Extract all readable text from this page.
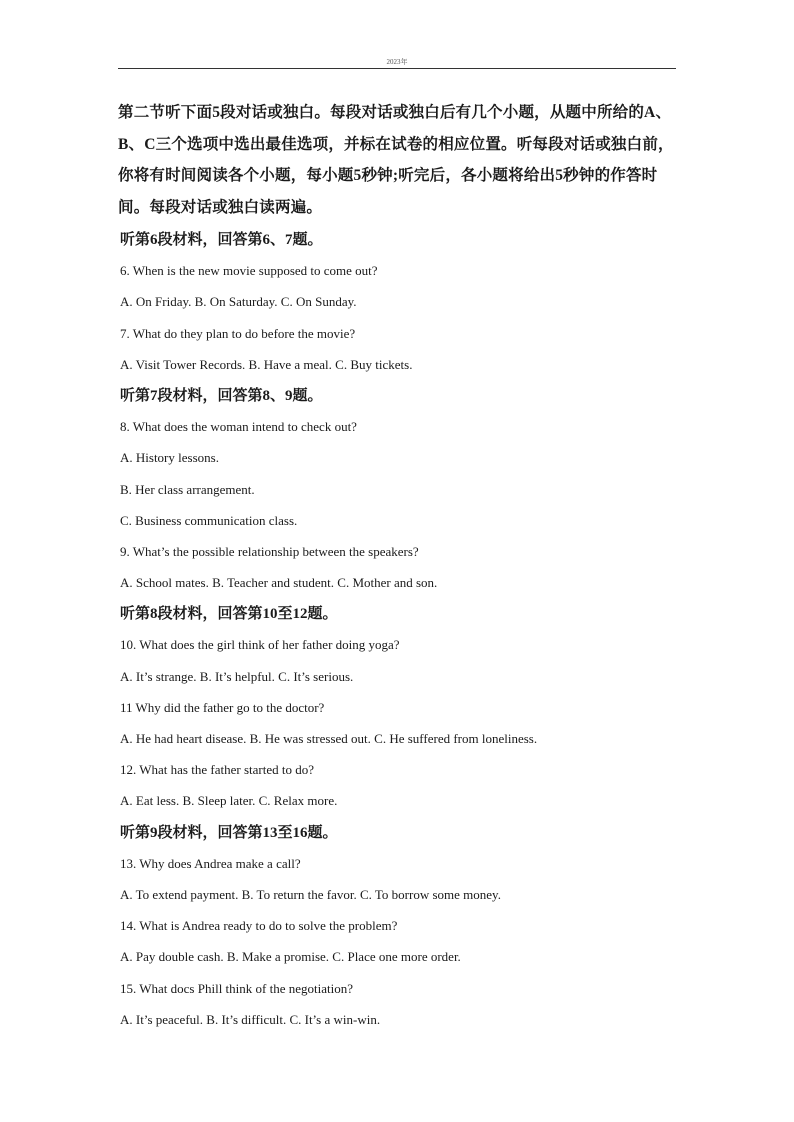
2023年
第二节听下面5段对话或独白。每段对话或独白后有几个小题，从题中所给的A、
B、C三个选项中选出最佳选项，并标在试卷的相应位置。听每段对话或独白前，
你将有时间阅读各个小题，每小题5秒钟;听完后，各小题将给出5秒钟的作答时
间。每段对话或独白读两遍。
听第6段材料，回答第6、7题。
6. When is the new movie supposed to come out?
A. On Friday. B. On Saturday. C. On Sunday.
7. What do they plan to do before the movie?
A. Visit Tower Records. B. Have a meal. C. Buy tickets.
听第7段材料，回答第8、9题。
8. What does the woman intend to check out?
A. History lessons.
B. Her class arrangement.
C. Business communication class.
9. What’s the possible relationship between the speakers?
A. School mates. B. Teacher and student. C. Mother and son.
听第8段材料，回答第10至12题。
10. What does the girl think of her father doing yoga?
A. It’s strange. B. It’s helpful. C. It’s serious.
11 Why did the father go to the doctor?
A. He had heart disease. B. He was stressed out. C. He suffered from loneliness.
12. What has the father started to do?
A. Eat less. B. Sleep later. C. Relax more.
听第9段材料，回答第13至16题。
13. Why does Andrea make a call?
A. To extend payment. B. To return the favor. C. To borrow some money.
14. What is Andrea ready to do to solve the problem?
A. Pay double cash. B. Make a promise. C. Place one more order.
15. What docs Phill think of the negotiation?
A. It’s peaceful. B. It’s difficult. C. It’s a win-win.
